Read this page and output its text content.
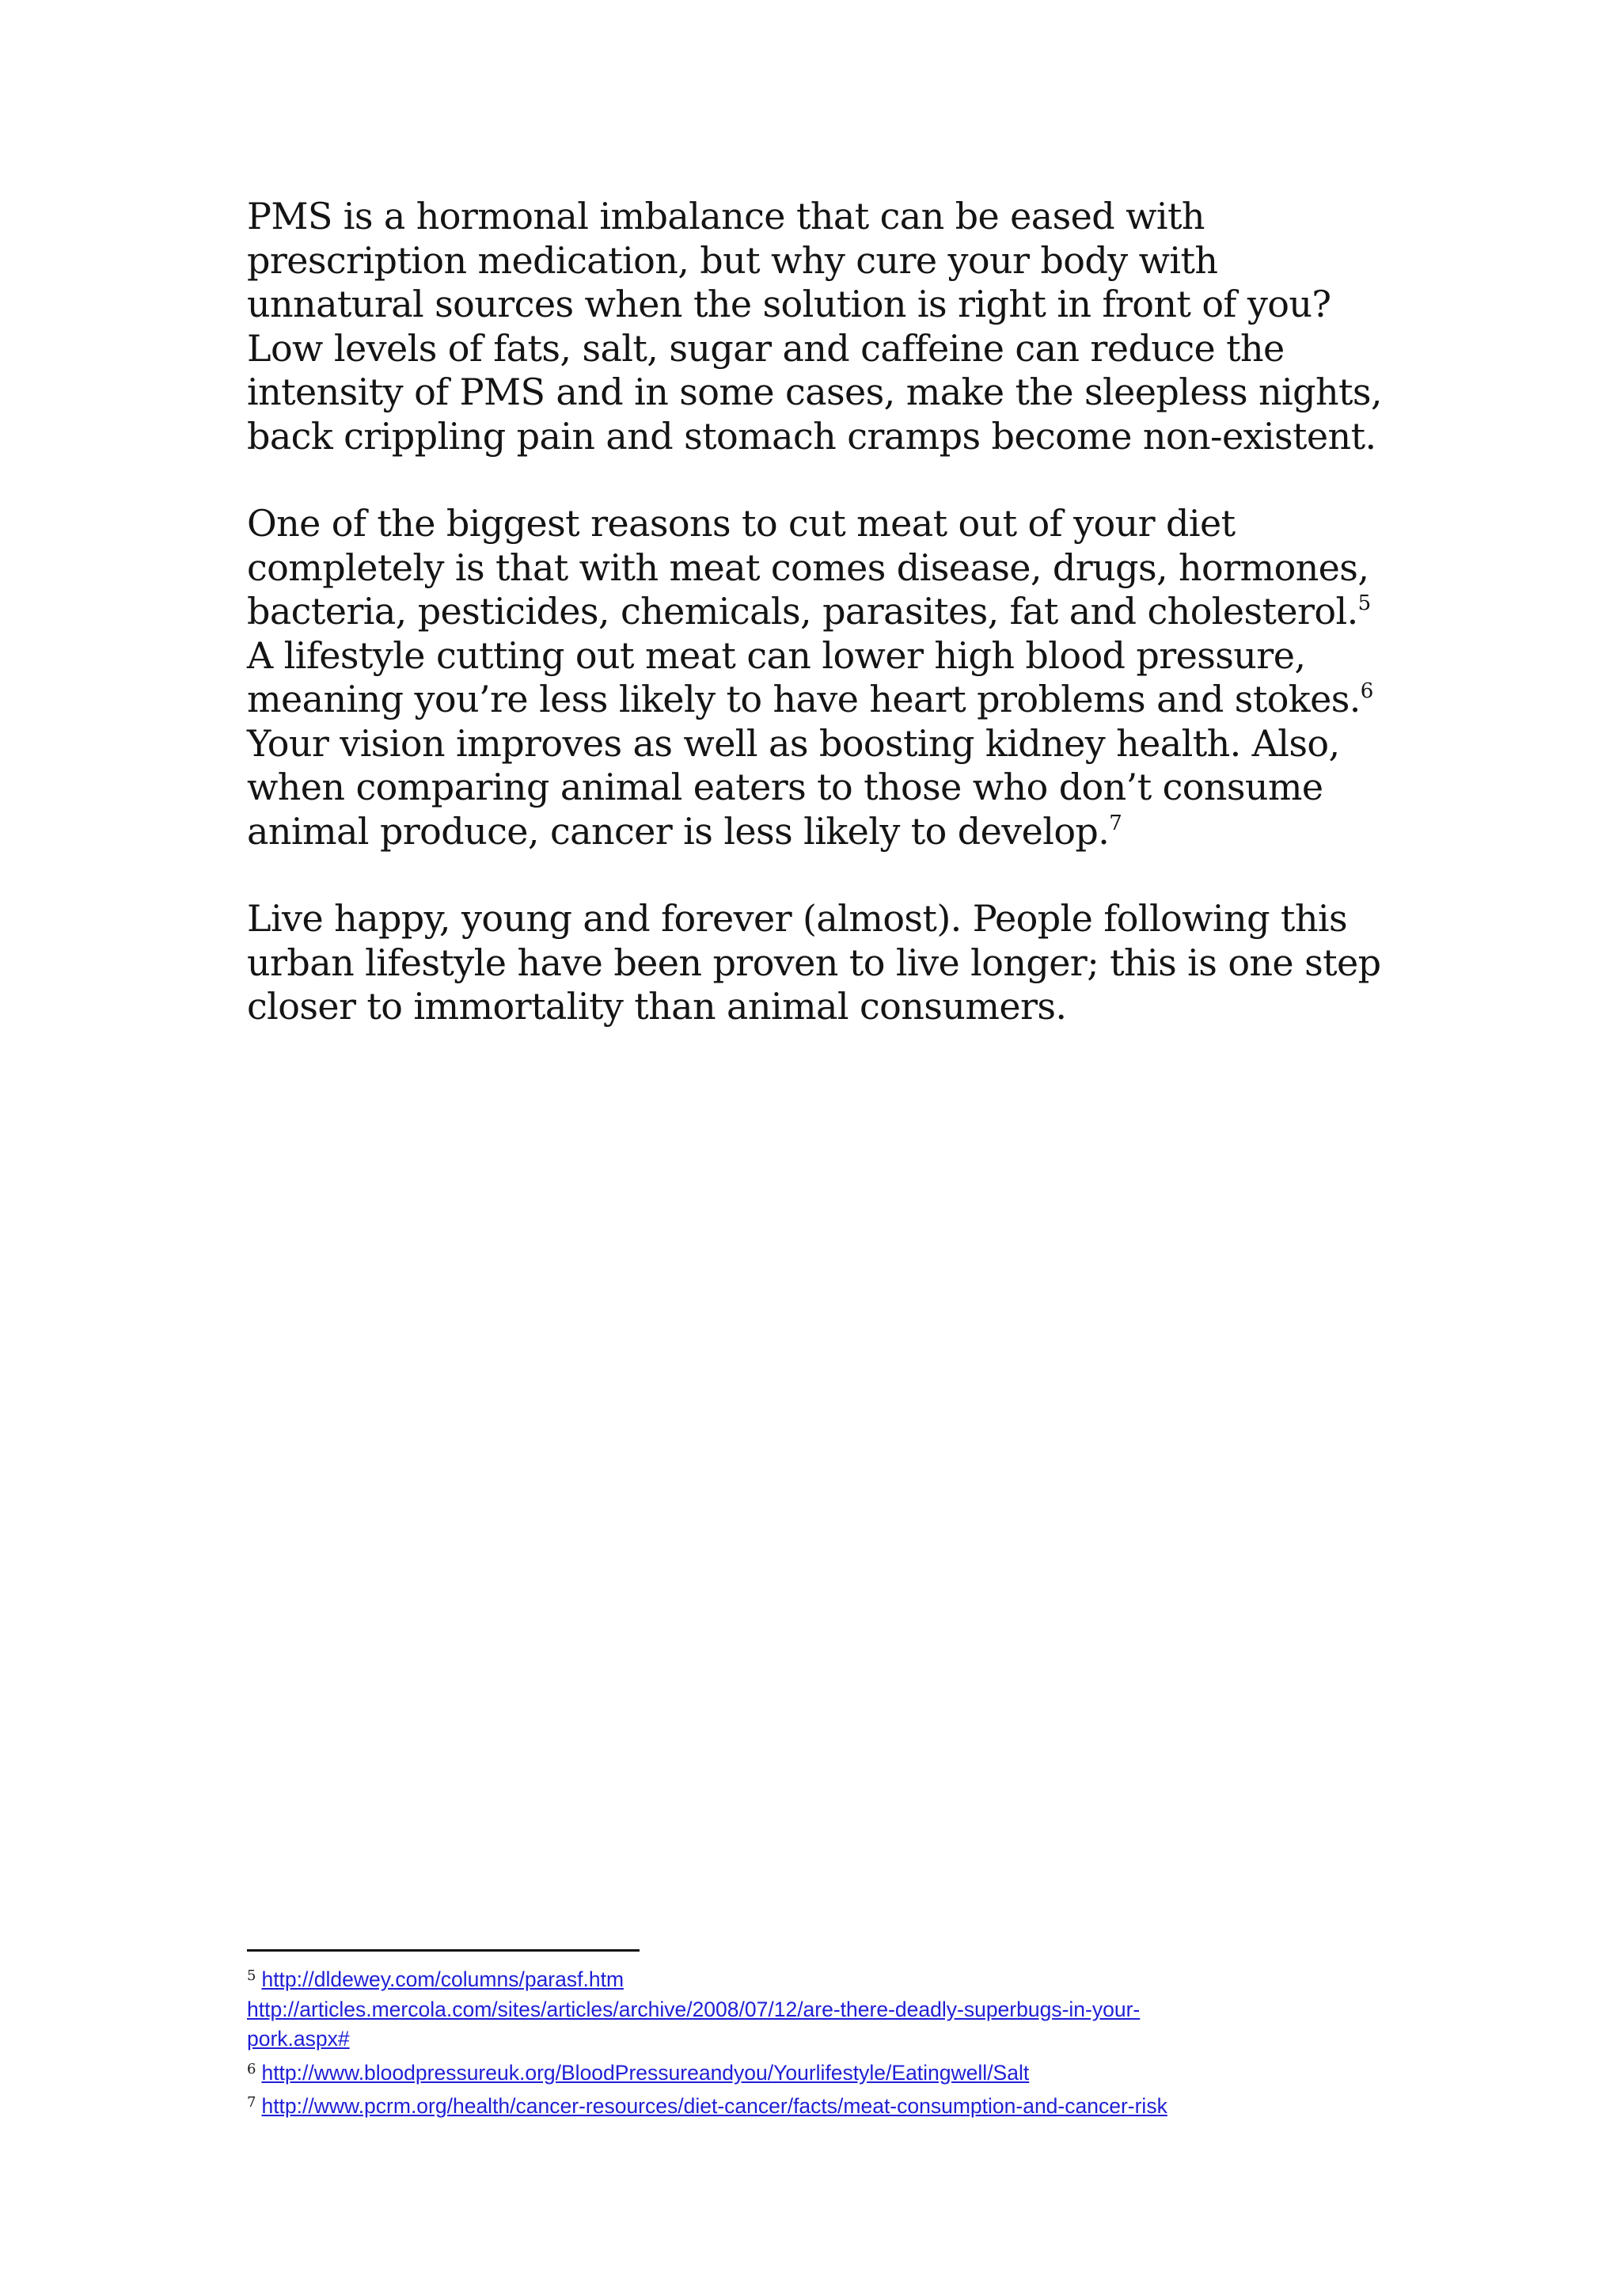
PMS is a hormonal imbalance that can be eased with prescription medication, but why cure your body with unnatural sources when the solution is right in front of you? Low levels of fats, salt, sugar and caffeine can reduce the intensity of PMS and in some cases, make the sleepless nights, back crippling pain and stomach cramps become non-existent.

One of the biggest reasons to cut meat out of your diet completely is that with meat comes disease, drugs, hormones, bacteria, pesticides, chemicals, parasites, fat and cholesterol.$^5$ A lifestyle cutting out meat can lower high blood pressure, meaning you’re less likely to have heart problems and stokes.$^6$ Your vision improves as well as boosting kidney health. Also, when comparing animal eaters to those who don’t consume animal produce, cancer is less likely to develop.$^7$

Live happy, young and forever (almost). People following this urban lifestyle have been proven to live longer; this is one step closer to immortality than animal consumers.

$^5$ http://dldewey.com/columns/parasf.htm
http://articles.mercola.com/sites/articles/archive/2008/07/12/are-there-deadly-superbugs-in-your-
pork.aspx#
$^6$ http://www.bloodpressureuk.org/BloodPressureandyou/Yourlifestyle/Eatingwell/Salt
$^7$ http://www.pcrm.org/health/cancer-resources/diet-cancer/facts/meat-consumption-and-cancer-risk
